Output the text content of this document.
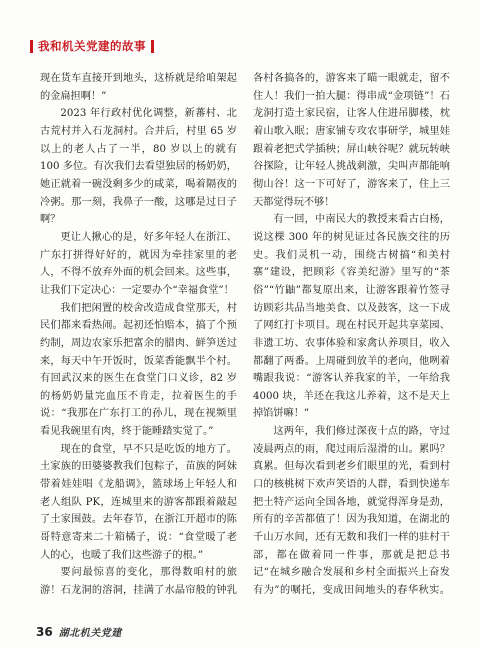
我和机关党建的故事

现在货车直接开到地头，这桥就是给咱架起的金扁担啊！”

2023 年行政村优化调整，新蕃村、北古荒村并入石龙洞村。合并后，村里 65 岁以上的老人占了一半，80 岁以上的就有 100 多位。有次我们去看望独居的杨奶奶，她正就着一碗没剩多少的咸菜，喝着隔夜的冷粥。那一刻，我鼻子一酸，这哪是过日子啊？

更让人揪心的是，好多年轻人在浙江、广东打拼得好好的，就因为牵挂家里的老人，不得不放弃外面的机会回来。这些事，让我们下定决心：一定要办个“幸福食堂”！

我们把闲置的校舍改造成食堂那天，村民们都来看热闹。起初还怕赔本，搞了个预约制，周边农家乐把富余的腊肉、鲜笋送过来，每天中午开饭时，饭菜香能飘半个村。有回武汉来的医生在食堂门口义诊，82 岁的杨奶奶量完血压不肯走，拉着医生的手说：“我那在广东打工的孙儿，现在视频里看见我碗里有肉，终于能睡踏实觉了。”

现在的食堂，早不只是吃饭的地方了。土家族的田婆婆教我们包粽子，苗族的阿妹带着娃娃唱《龙船调》，篮球场上年轻人和老人组队 PK，连城里来的游客都跟着敲起了土家围鼓。去年春节，在浙江开超市的陈哥特意寄来二十箱橘子，说：“食堂暖了老人的心，也暖了我们这些游子的根。”

要问最惊喜的变化，那得数咱村的旅游！石龙洞的溶洞，挂满了水晶帘般的钟乳

各村各搞各的，游客来了瞄一眼就走，留不住人！我们一拍大腿：得串成“金项链”！石龙洞打造土家民宿，让客人住进吊脚楼，枕着山歌入眠；唐家铺专攻农事研学，城里娃跟着老把式学插秧；屏山峡谷呢？就玩转峡谷探险，让年轻人挑战刺激，尖叫声都能响彻山谷！这一下可好了，游客来了，住上三天都觉得玩不够！

有一回，中南民大的教授来看古白杨，说这棵 300 年的树见证过各民族交往的历史。我们灵机一动，围绕古树搞“和美村寨”建设，把顾彩《容美纪游》里写的“茶俗”“竹鼬”都复原出来，让游客跟着竹签寻访顾彩共品当地美食、以及鼓客，这一下成了网红打卡项目。现在村民开起共享菜园、非遗工坊、农事体验和家禽认养项目，收入都翻了两番。上周碰到放羊的老向，他咧着嘴跟我说：“游客认养我家的羊，一年给我 4000 块，羊还在我这儿养着，这不是天上掉馅饼嘛！”

这两年，我们修过深夜十点的路，守过凌晨两点的雨，爬过雨后湿滑的山。累吗？真累。但每次看到老乡们眼里的光，看到村口的核桃树下欢声笑语的人群，看到快递车把土特产运向全国各地，就觉得浑身是劲，所有的辛苦都值了！因为我知道，在湖北的千山万水间，还有无数和我们一样的驻村干部，都在做着同一件事，那就是把总书记“在城乡融合发展和乡村全面振兴上奋发有为”的嘱托，变成田间地头的春华秋实。

36 湖北机关党建
